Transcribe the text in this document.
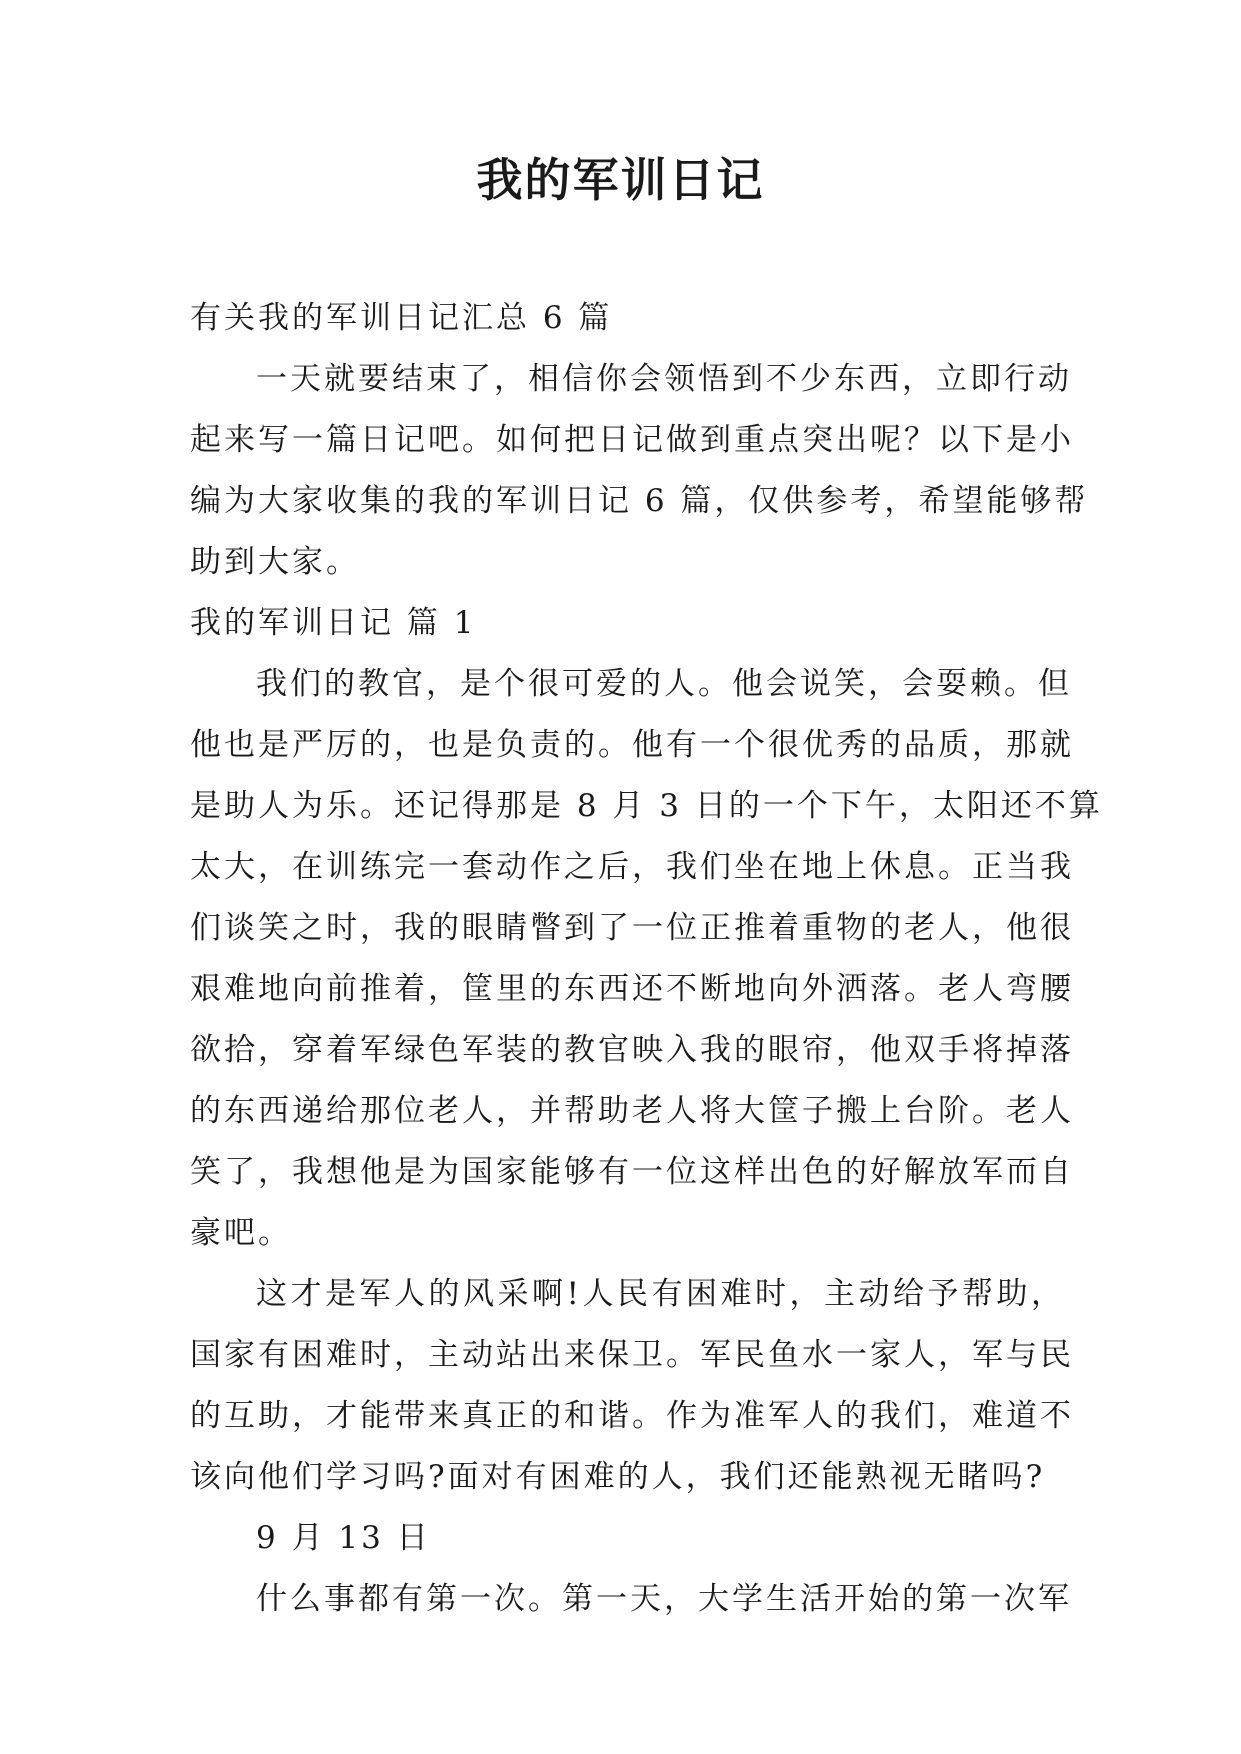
我的军训日记

有关我的军训日记汇总 6 篇

一天就要结束了，相信你会领悟到不少东西，立即行动

起来写一篇日记吧。如何把日记做到重点突出呢？以下是小

编为大家收集的我的军训日记 6 篇，仅供参考，希望能够帮

助到大家。

我的军训日记 篇 1

我们的教官，是个很可爱的人。他会说笑，会耍赖。但

他也是严厉的，也是负责的。他有一个很优秀的品质，那就

是助人为乐。还记得那是 8 月 3 日的一个下午，太阳还不算

太大，在训练完一套动作之后，我们坐在地上休息。正当我

们谈笑之时，我的眼睛瞥到了一位正推着重物的老人，他很

艰难地向前推着，筐里的东西还不断地向外洒落。老人弯腰

欲拾，穿着军绿色军装的教官映入我的眼帘，他双手将掉落

的东西递给那位老人，并帮助老人将大筐子搬上台阶。老人

笑了，我想他是为国家能够有一位这样出色的好解放军而自

豪吧。

这才是军人的风采啊!人民有困难时，主动给予帮助，

国家有困难时，主动站出来保卫。军民鱼水一家人，军与民

的互助，才能带来真正的和谐。作为准军人的我们，难道不

该向他们学习吗?面对有困难的人，我们还能熟视无睹吗?

9 月 13 日

什么事都有第一次。第一天，大学生活开始的第一次军
